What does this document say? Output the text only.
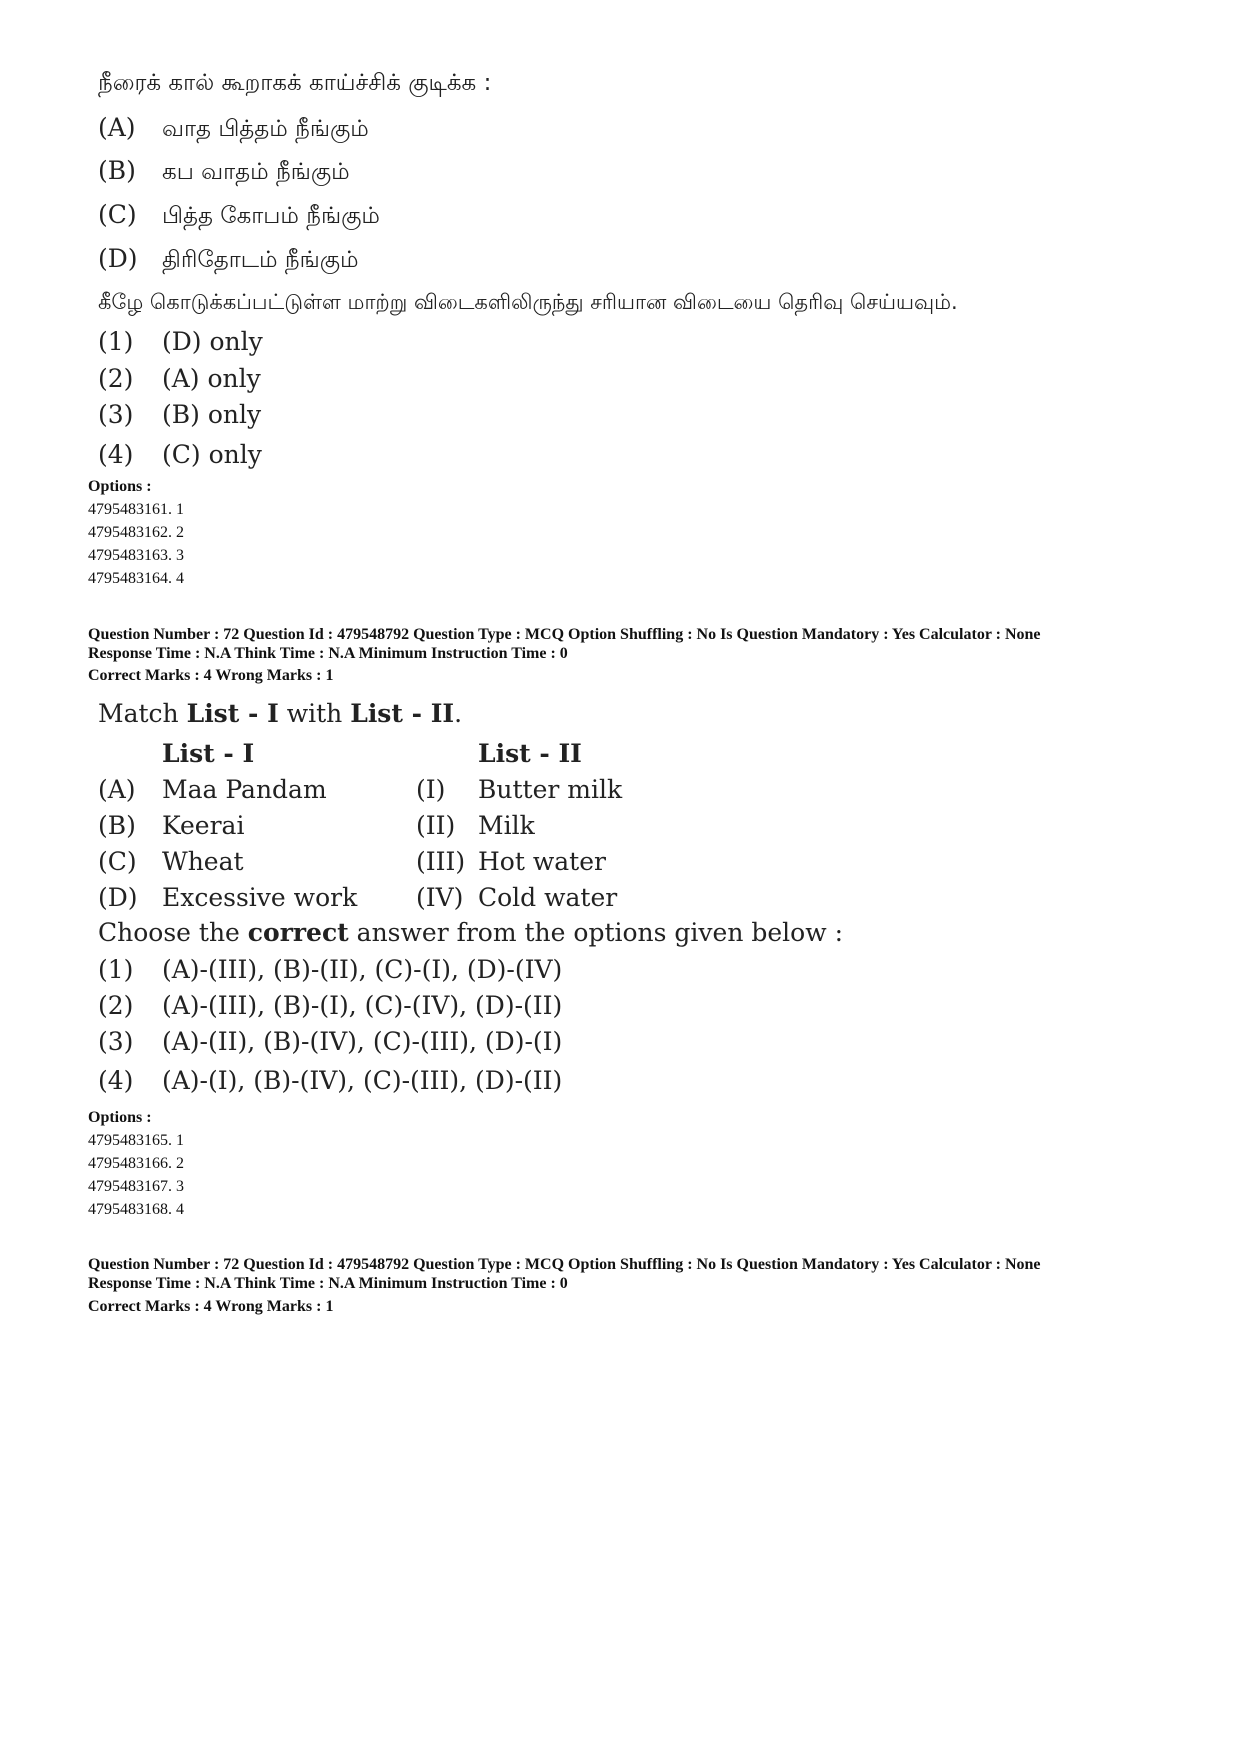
நீரைக் கால் கூறாகக் காய்ச்சிக் குடிக்க :
(A) வாத பித்தம் நீங்கும்
(B) கப வாதம் நீங்கும்
(C) பித்த கோபம் நீங்கும்
(D) திரிதோடம் நீங்கும்
கீழே கொடுக்கப்பட்டுள்ள மாற்று விடைகளிலிருந்து சரியான விடையை தெரிவு செய்யவும்.
(1) (D) only
(2) (A) only
(3) (B) only
(4) (C) only
Options :
4795483161. 1
4795483162. 2
4795483163. 3
4795483164. 4
Question Number : 72 Question Id : 479548792 Question Type : MCQ Option Shuffling : No Is Question Mandatory : Yes Calculator : None
Response Time : N.A Think Time : N.A Minimum Instruction Time : 0
Correct Marks : 4 Wrong Marks : 1
Match List - I with List - II.
List - I	List - II
(A) Maa Pandam	(I) Butter milk
(B) Keerai	(II) Milk
(C) Wheat	(III) Hot water
(D) Excessive work (IV) Cold water
Choose the correct answer from the options given below :
(1) (A)-(III), (B)-(II), (C)-(I), (D)-(IV)
(2) (A)-(III), (B)-(I), (C)-(IV), (D)-(II)
(3) (A)-(II), (B)-(IV), (C)-(III), (D)-(I)
(4) (A)-(I), (B)-(IV), (C)-(III), (D)-(II)
Options :
4795483165. 1
4795483166. 2
4795483167. 3
4795483168. 4
Question Number : 72 Question Id : 479548792 Question Type : MCQ Option Shuffling : No Is Question Mandatory : Yes Calculator : None
Response Time : N.A Think Time : N.A Minimum Instruction Time : 0
Correct Marks : 4 Wrong Marks : 1
